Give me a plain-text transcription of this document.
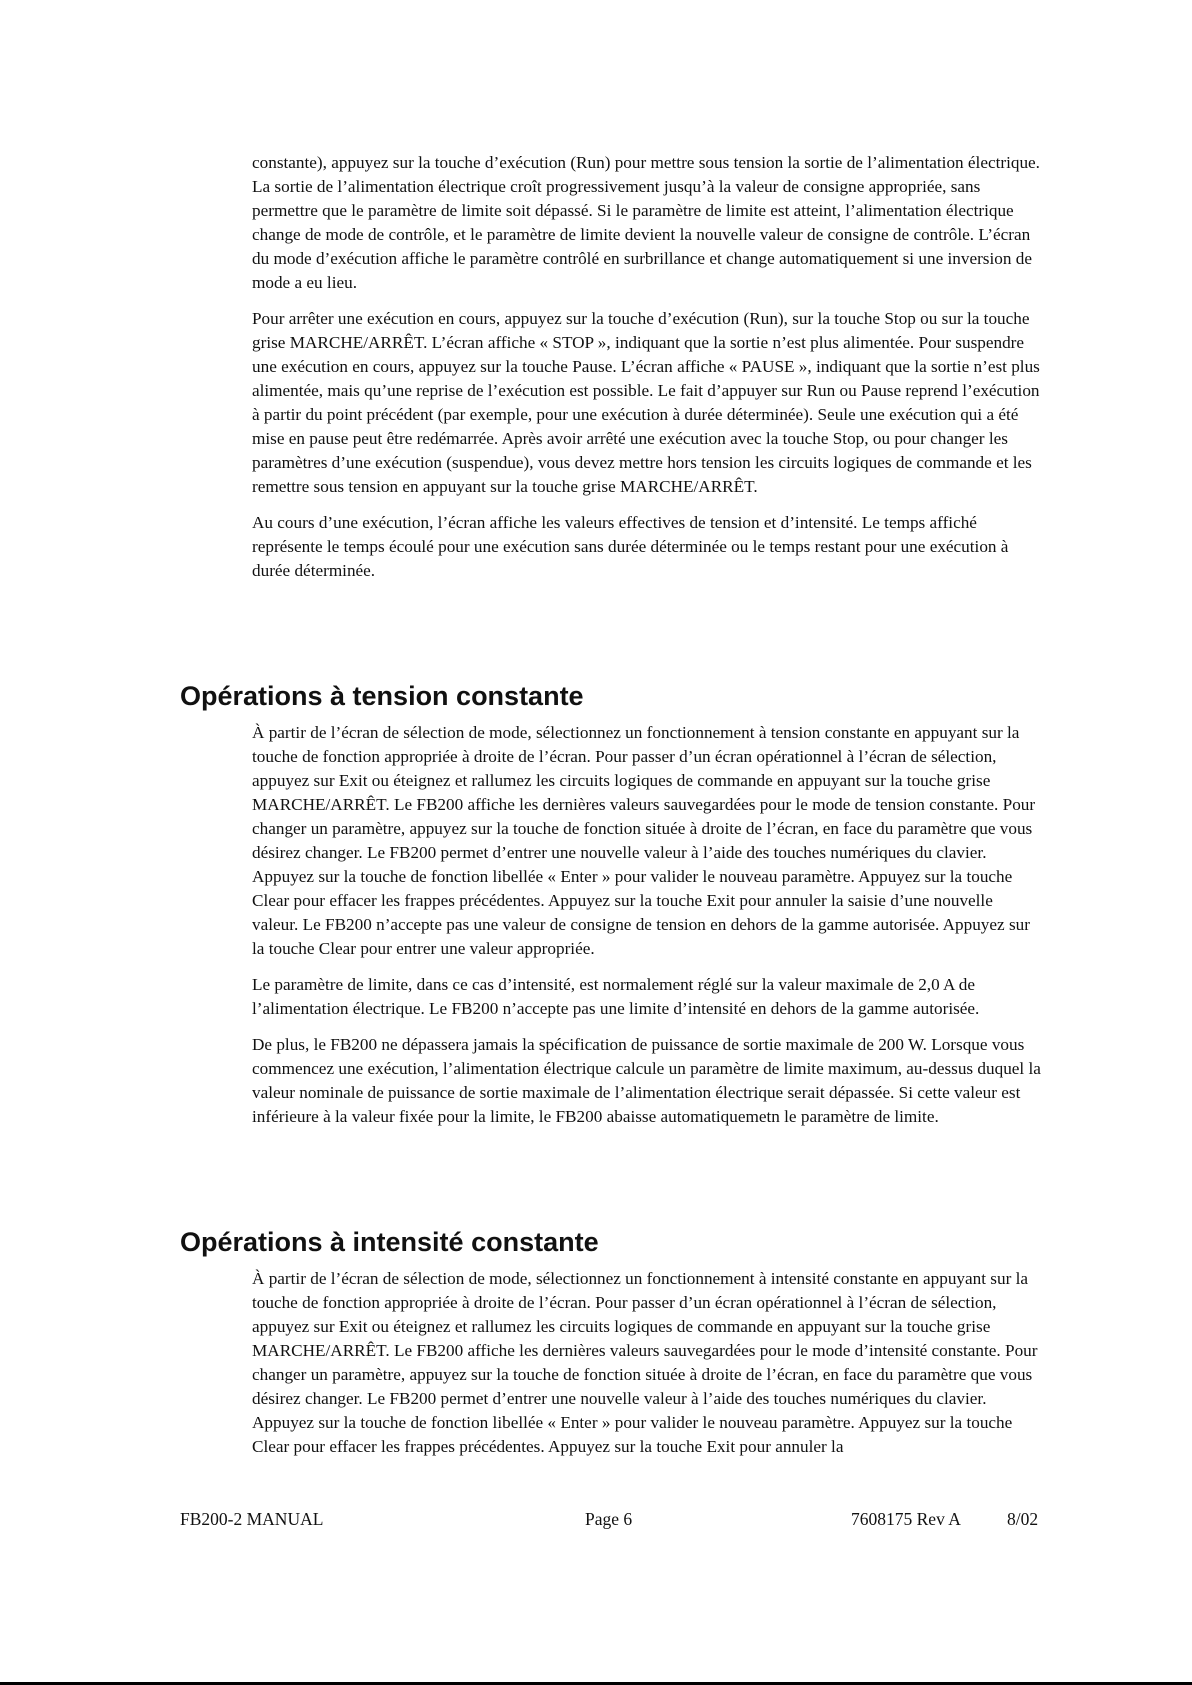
constante), appuyez sur la touche d’exécution (Run) pour mettre sous tension la sortie de l’alimentation électrique. La sortie de l’alimentation électrique croît progressivement jusqu’à la valeur de consigne appropriée, sans permettre que le paramètre de limite soit dépassé. Si le paramètre de limite est atteint, l’alimentation électrique change de mode de contrôle, et le paramètre de limite devient la nouvelle valeur de consigne de contrôle. L’écran du mode d’exécution affiche le paramètre contrôlé en surbrillance et change automatiquement si une inversion de mode a eu lieu.

Pour arrêter une exécution en cours, appuyez sur la touche d’exécution (Run), sur la touche Stop ou sur la touche grise MARCHE/ARRÊT. L’écran affiche « STOP », indiquant que la sortie n’est plus alimentée. Pour suspendre une exécution en cours, appuyez sur la touche Pause. L’écran affiche « PAUSE », indiquant que la sortie n’est plus alimentée, mais qu’une reprise de l’exécution est possible. Le fait d’appuyer sur Run ou Pause reprend l’exécution à partir du point précédent (par exemple, pour une exécution à durée déterminée). Seule une exécution qui a été mise en pause peut être redémarrée. Après avoir arrêté une exécution avec la touche Stop, ou pour changer les paramètres d’une exécution (suspendue), vous devez mettre hors tension les circuits logiques de commande et les remettre sous tension en appuyant sur la touche grise MARCHE/ARRÊT.

Au cours d’une exécution, l’écran affiche les valeurs effectives de tension et d’intensité. Le temps affiché représente le temps écoulé pour une exécution sans durée déterminée ou le temps restant pour une exécution à durée déterminée.

Opérations à tension constante

À partir de l’écran de sélection de mode, sélectionnez un fonctionnement à tension constante en appuyant sur la touche de fonction appropriée à droite de l’écran. Pour passer d’un écran opérationnel à l’écran de sélection, appuyez sur Exit ou éteignez et rallumez les circuits logiques de commande en appuyant sur la touche grise MARCHE/ARRÊT. Le FB200 affiche les dernières valeurs sauvegardées pour le mode de tension constante. Pour changer un paramètre, appuyez sur la touche de fonction située à droite de l’écran, en face du paramètre que vous désirez changer. Le FB200 permet d’entrer une nouvelle valeur à l’aide des touches numériques du clavier. Appuyez sur la touche de fonction libellée « Enter » pour valider le nouveau paramètre. Appuyez sur la touche Clear pour effacer les frappes précédentes. Appuyez sur la touche Exit pour annuler la saisie d’une nouvelle valeur. Le FB200 n’accepte pas une valeur de consigne de tension en dehors de la gamme autorisée. Appuyez sur la touche Clear pour entrer une valeur appropriée.

Le paramètre de limite, dans ce cas d’intensité, est normalement réglé sur la valeur maximale de 2,0 A de l’alimentation électrique. Le FB200 n’accepte pas une limite d’intensité en dehors de la gamme autorisée.

De plus, le FB200 ne dépassera jamais la spécification de puissance de sortie maximale de 200 W. Lorsque vous commencez une exécution, l’alimentation électrique calcule un paramètre de limite maximum, au-dessus duquel la valeur nominale de puissance de sortie maximale de l’alimentation électrique serait dépassée. Si cette valeur est inférieure à la valeur fixée pour la limite, le FB200 abaisse automatiquemetn le paramètre de limite.

Opérations à intensité constante

À partir de l’écran de sélection de mode, sélectionnez un fonctionnement à intensité constante en appuyant sur la touche de fonction appropriée à droite de l’écran. Pour passer d’un écran opérationnel à l’écran de sélection, appuyez sur Exit ou éteignez et rallumez les circuits logiques de commande en appuyant sur la touche grise MARCHE/ARRÊT. Le FB200 affiche les dernières valeurs sauvegardées pour le mode d’intensité constante. Pour changer un paramètre, appuyez sur la touche de fonction située à droite de l’écran, en face du paramètre que vous désirez changer. Le FB200 permet d’entrer une nouvelle valeur à l’aide des touches numériques du clavier. Appuyez sur la touche de fonction libellée « Enter » pour valider le nouveau paramètre. Appuyez sur la touche Clear pour effacer les frappes précédentes. Appuyez sur la touche Exit pour annuler la

FB200-2 MANUAL	Page 6	7608175 Rev A	8/02
